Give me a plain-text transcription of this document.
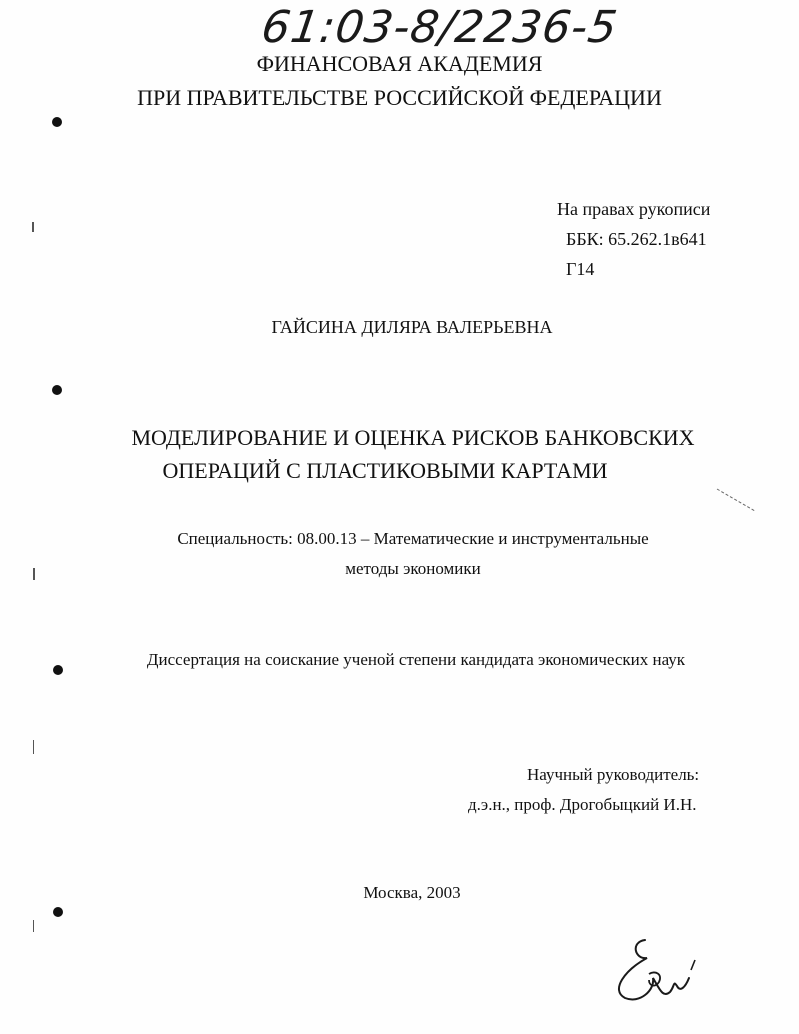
61:03-8/2236-5
ФИНАНСОВАЯ АКАДЕМИЯ
ПРИ ПРАВИТЕЛЬСТВЕ РОССИЙСКОЙ ФЕДЕРАЦИИ
На правах рукописи
ББК: 65.262.1в641
Г14
ГАЙСИНА ДИЛЯРА ВАЛЕРЬЕВНА
МОДЕЛИРОВАНИЕ И ОЦЕНКА РИСКОВ БАНКОВСКИХ
ОПЕРАЦИЙ С ПЛАСТИКОВЫМИ КАРТАМИ
Специальность: 08.00.13 – Математические и инструментальные
методы экономики
Диссертация на соискание ученой степени кандидата экономических наук
Научный руководитель:
д.э.н., проф. Дрогобыцкий И.Н.
Москва, 2003
